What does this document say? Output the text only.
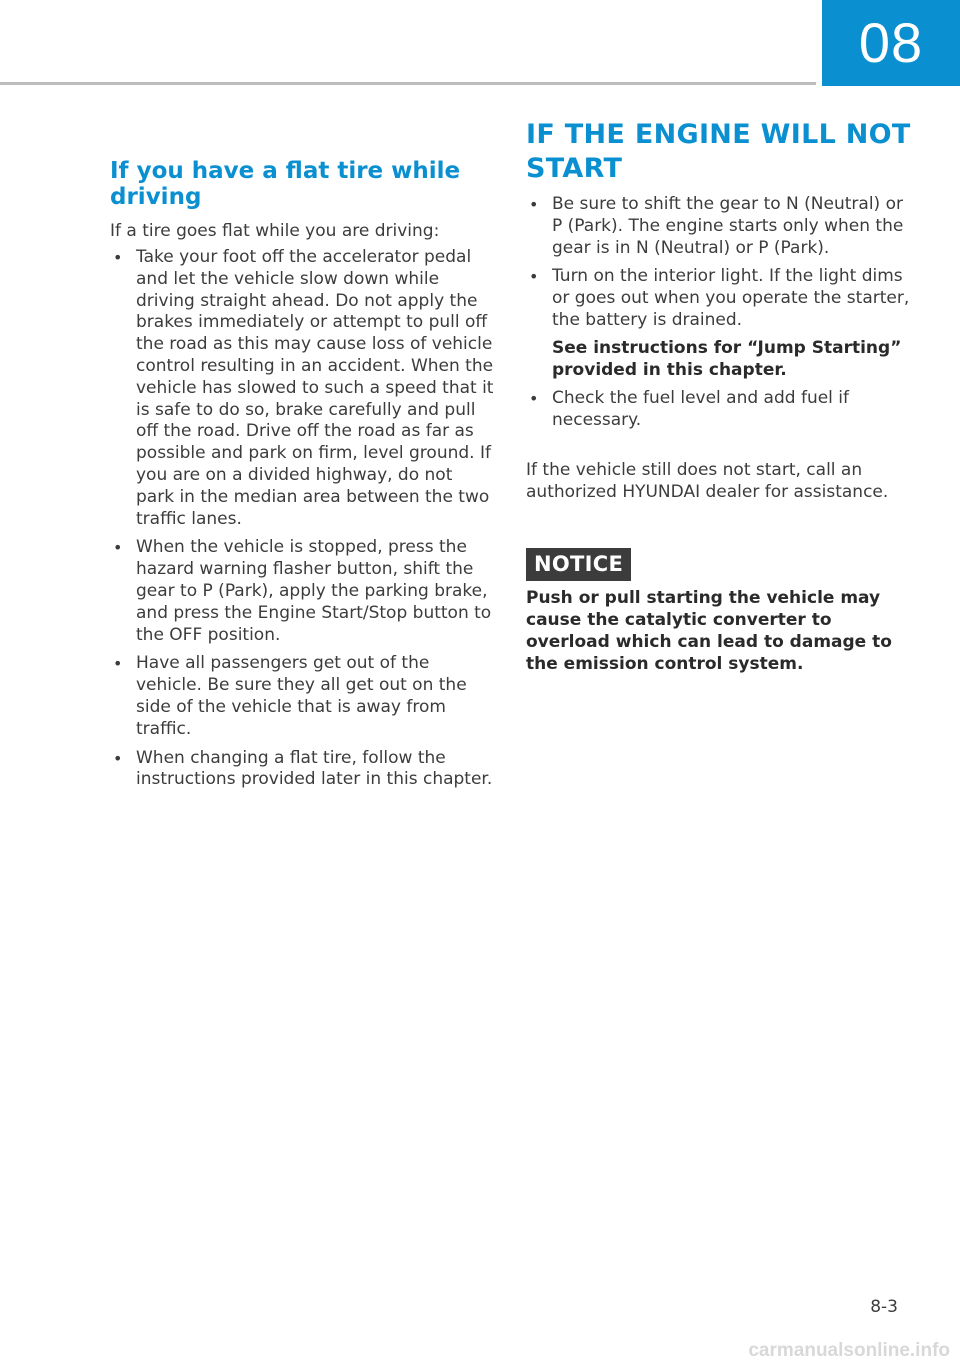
08
If you have a flat tire while driving

If a tire goes flat while you are driving:

• Take your foot off the accelerator pedal and let the vehicle slow down while driving straight ahead. Do not apply the brakes immediately or attempt to pull off the road as this may cause loss of vehicle control resulting in an accident. When the vehicle has slowed to such a speed that it is safe to do so, brake carefully and pull off the road. Drive off the road as far as possible and park on firm, level ground. If you are on a divided highway, do not park in the median area between the two traffic lanes.
• When the vehicle is stopped, press the hazard warning flasher button, shift the gear to P (Park), apply the parking brake, and press the Engine Start/Stop button to the OFF position.
• Have all passengers get out of the vehicle. Be sure they all get out on the side of the vehicle that is away from traffic.
• When changing a flat tire, follow the instructions provided later in this chapter.
IF THE ENGINE WILL NOT START
• Be sure to shift the gear to N (Neutral) or P (Park). The engine starts only when the gear is in N (Neutral) or P (Park).
• Turn on the interior light. If the light dims or goes out when you operate the starter, the battery is drained.
See instructions for “Jump Starting” provided in this chapter.
• Check the fuel level and add fuel if necessary.

If the vehicle still does not start, call an authorized HYUNDAI dealer for assistance.

NOTICE

Push or pull starting the vehicle may cause the catalytic converter to overload which can lead to damage to the emission control system.

8-3
carmanualsonline.info
